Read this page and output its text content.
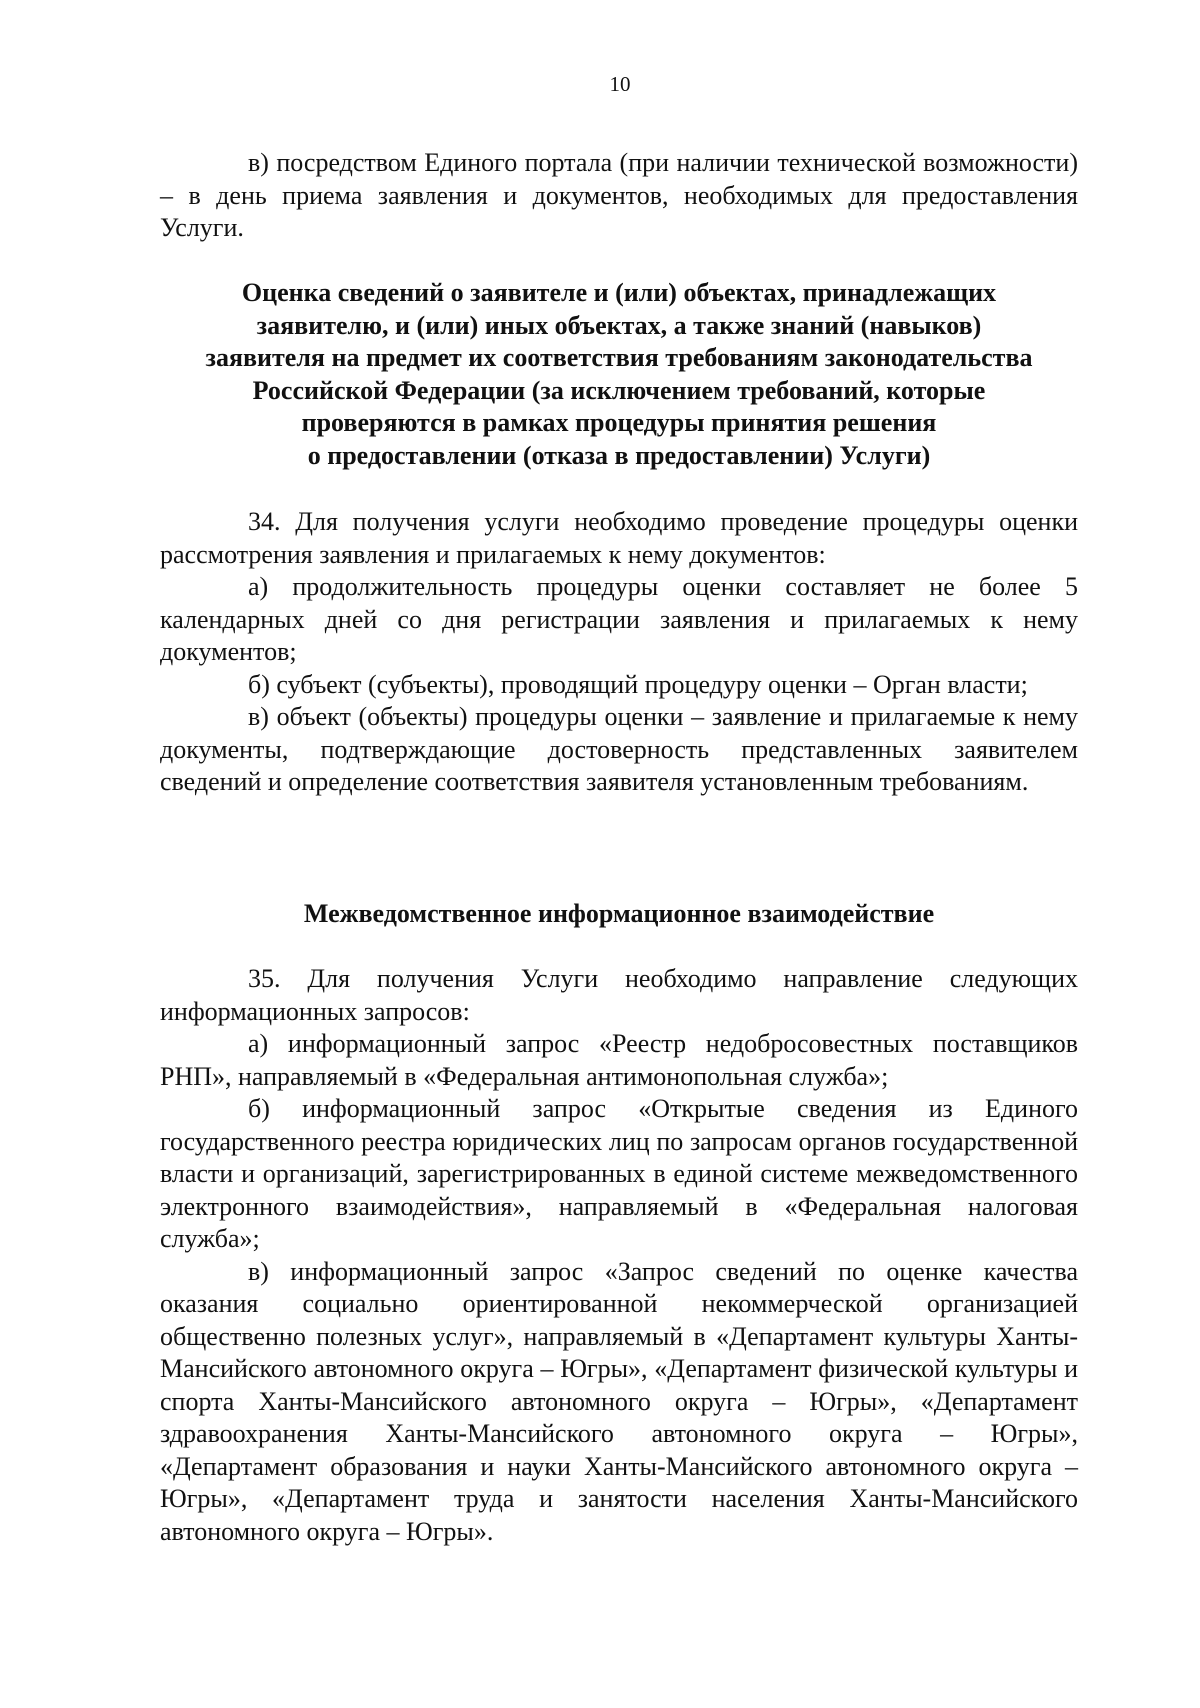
10

в) посредством Единого портала (при наличии технической возможности) – в день приема заявления и документов, необходимых для предоставления Услуги.

Оценка сведений о заявителе и (или) объектах, принадлежащих

заявителю, и (или) иных объектах, а также знаний (навыков)

заявителя на предмет их соответствия требованиям законодательства

Российской Федерации (за исключением требований, которые

проверяются в рамках процедуры принятия решения

о предоставлении (отказа в предоставлении) Услуги)

34. Для получения услуги необходимо проведение процедуры оценки рассмотрения заявления и прилагаемых к нему документов:

а) продолжительность процедуры оценки составляет не более 5 календарных дней со дня регистрации заявления и прилагаемых к нему документов;

б) субъект (субъекты), проводящий процедуру оценки – Орган власти;

в) объект (объекты) процедуры оценки – заявление и прилагаемые к нему документы, подтверждающие достоверность представленных заявителем сведений и определение соответствия заявителя установленным требованиям.

Межведомственное информационное взаимодействие

35. Для получения Услуги необходимо направление следующих информационных запросов:

а) информационный запрос «Реестр недобросовестных поставщиков РНП», направляемый в «Федеральная антимонопольная служба»;

б) информационный запрос «Открытые сведения из Единого государственного реестра юридических лиц по запросам органов государственной власти и организаций, зарегистрированных в единой системе межведомственного электронного взаимодействия», направляемый в «Федеральная налоговая служба»;

в) информационный запрос «Запрос сведений по оценке качества оказания социально ориентированной некоммерческой организацией общественно полезных услуг», направляемый в «Департамент культуры Ханты-Мансийского автономного округа – Югры», «Департамент физической культуры и спорта Ханты-Мансийского автономного округа – Югры», «Департамент здравоохранения Ханты-Мансийского автономного округа – Югры», «Департамент образования и науки Ханты-Мансийского автономного округа – Югры», «Департамент труда и занятости населения Ханты-Мансийского автономного округа – Югры».
